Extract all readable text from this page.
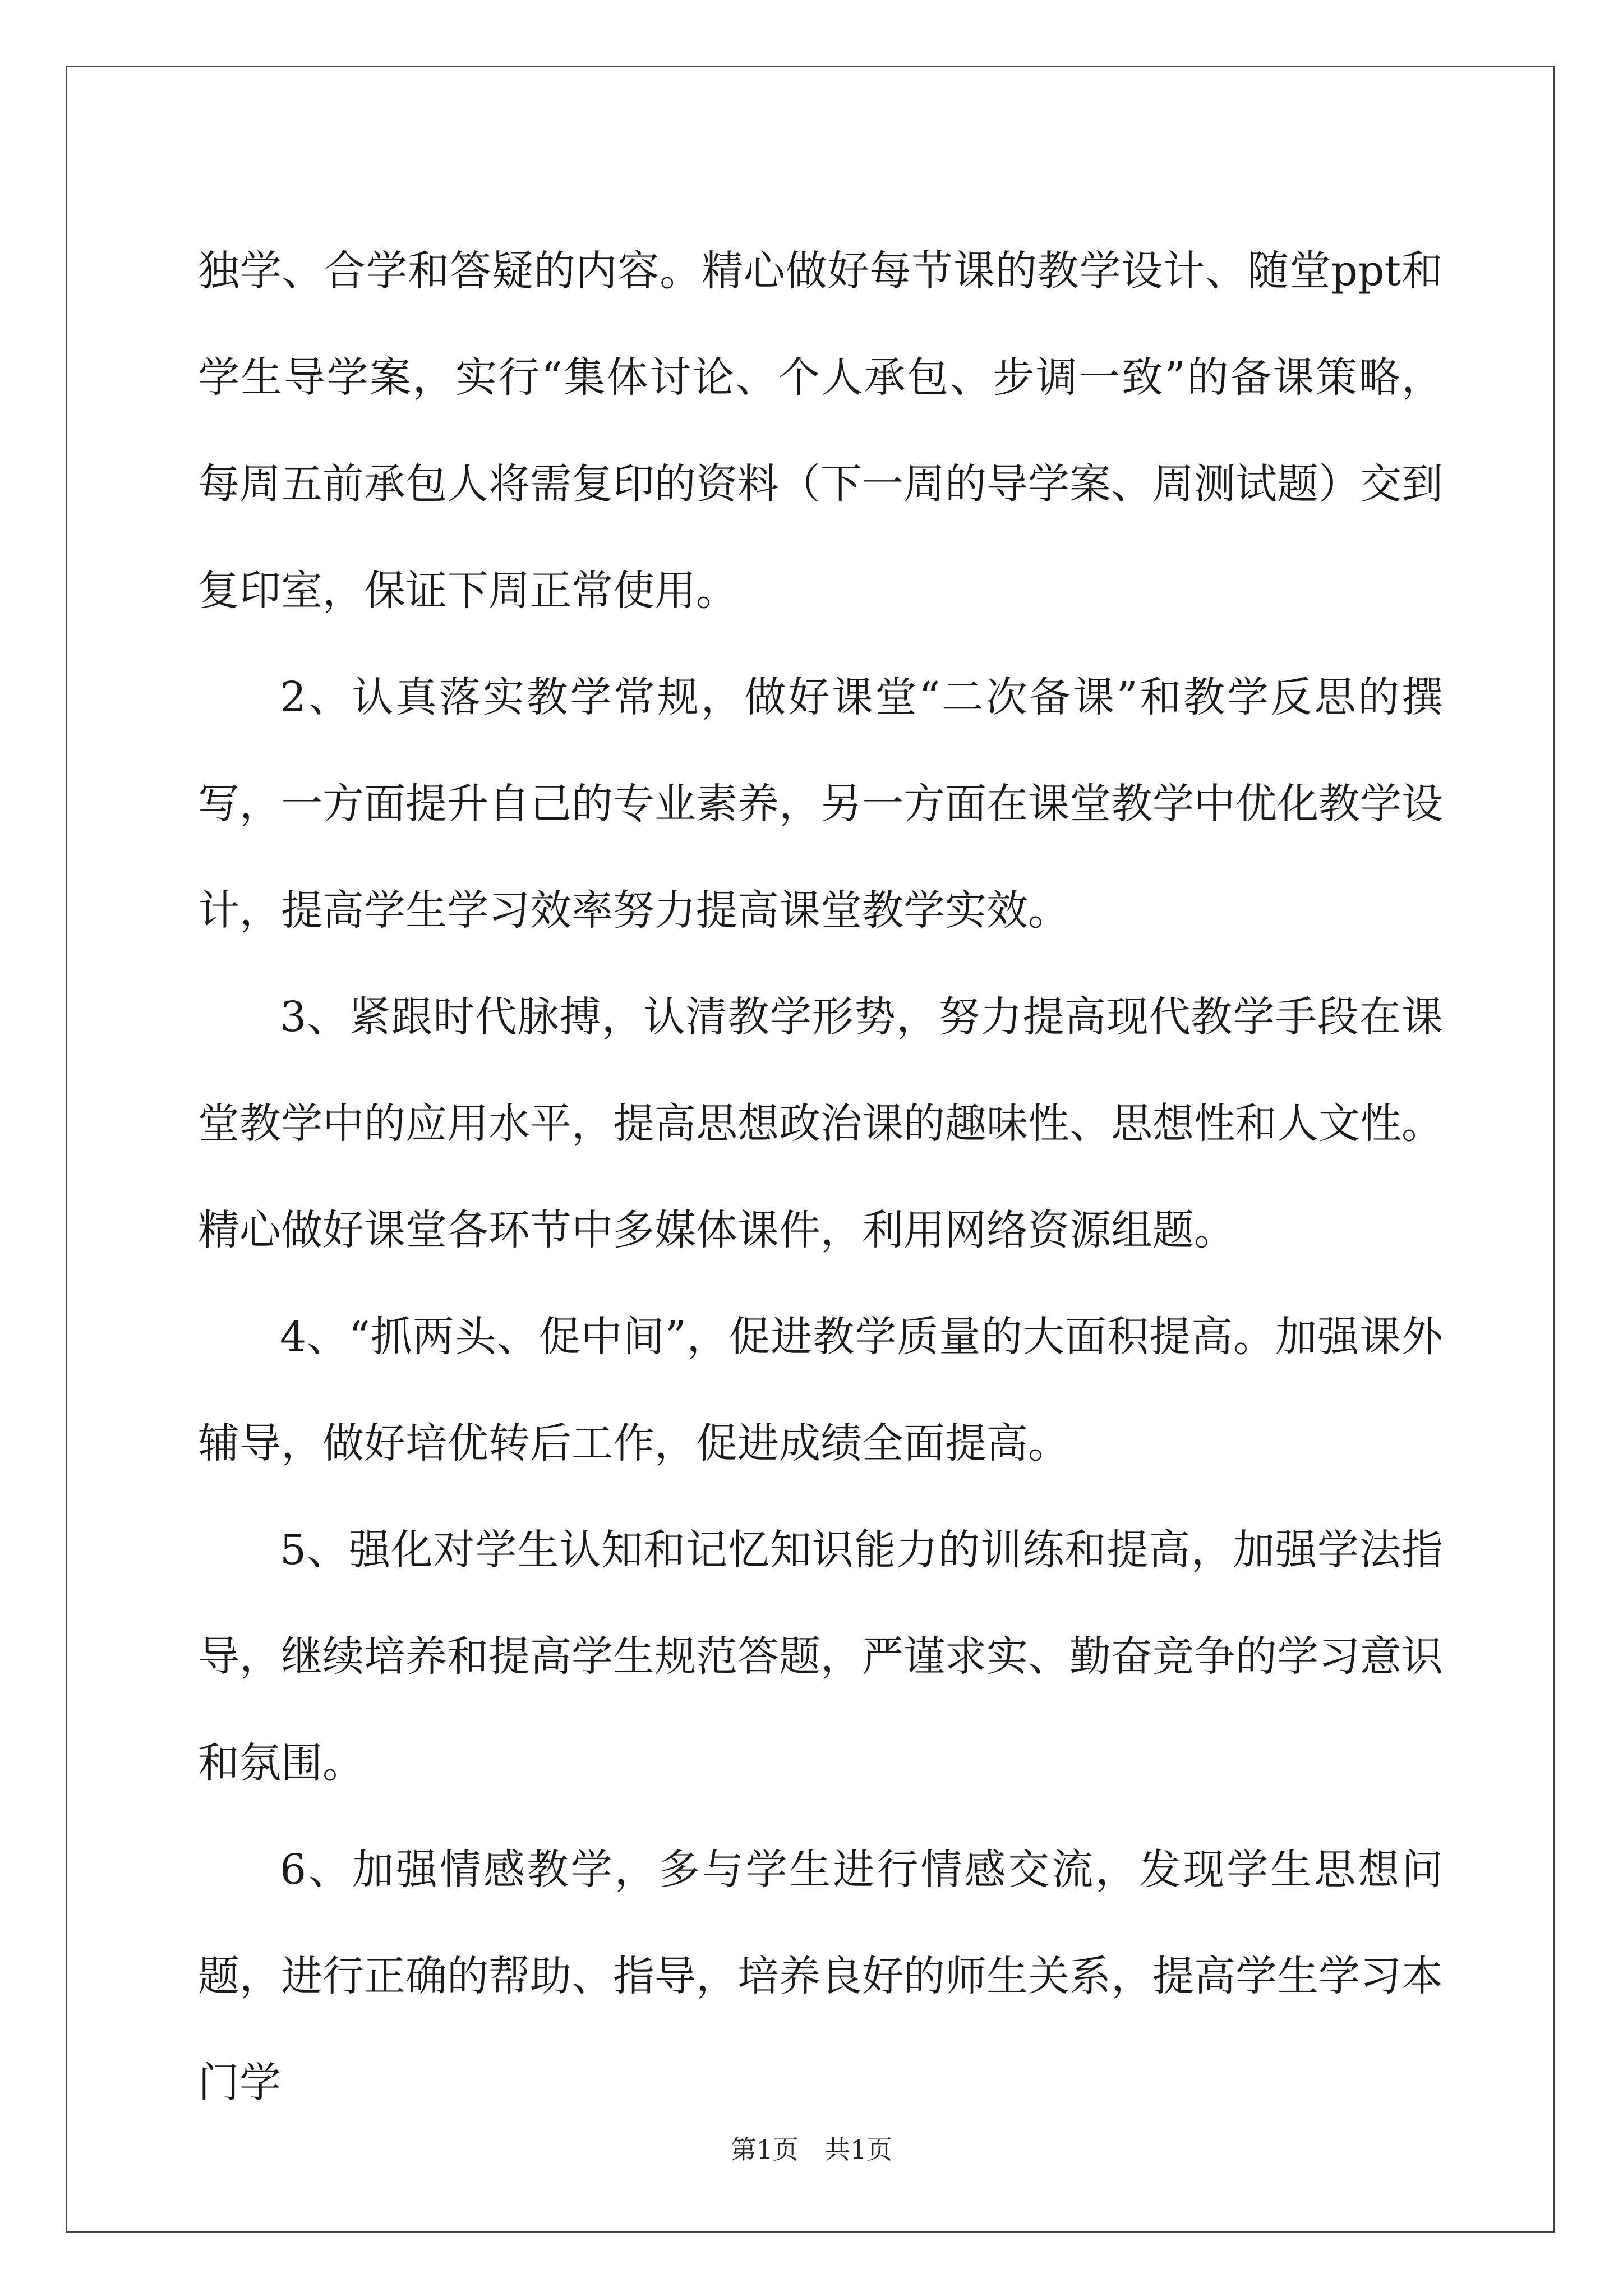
独学、合学和答疑的内容。精心做好每节课的教学设计、随堂ppt和学生导学案，实行“集体讨论、个人承包、步调一致”的备课策略，每周五前承包人将需复印的资料（下一周的导学案、周测试题）交到复印室，保证下周正常使用。

2、认真落实教学常规，做好课堂“二次备课”和教学反思的撰写，一方面提升自己的专业素养，另一方面在课堂教学中优化教学设计，提高学生学习效率努力提高课堂教学实效。

3、紧跟时代脉搏，认清教学形势，努力提高现代教学手段在课堂教学中的应用水平，提高思想政治课的趣味性、思想性和人文性。精心做好课堂各环节中多媒体课件，利用网络资源组题。

4、“抓两头、促中间”，促进教学质量的大面积提高。加强课外辅导，做好培优转后工作，促进成绩全面提高。

5、强化对学生认知和记忆知识能力的训练和提高，加强学法指导，继续培养和提高学生规范答题，严谨求实、勤奋竞争的学习意识和氛围。

6、加强情感教学，多与学生进行情感交流，发现学生思想问题，进行正确的帮助、指导，培养良好的师生关系，提高学生学习本门学

第1页　共1页
